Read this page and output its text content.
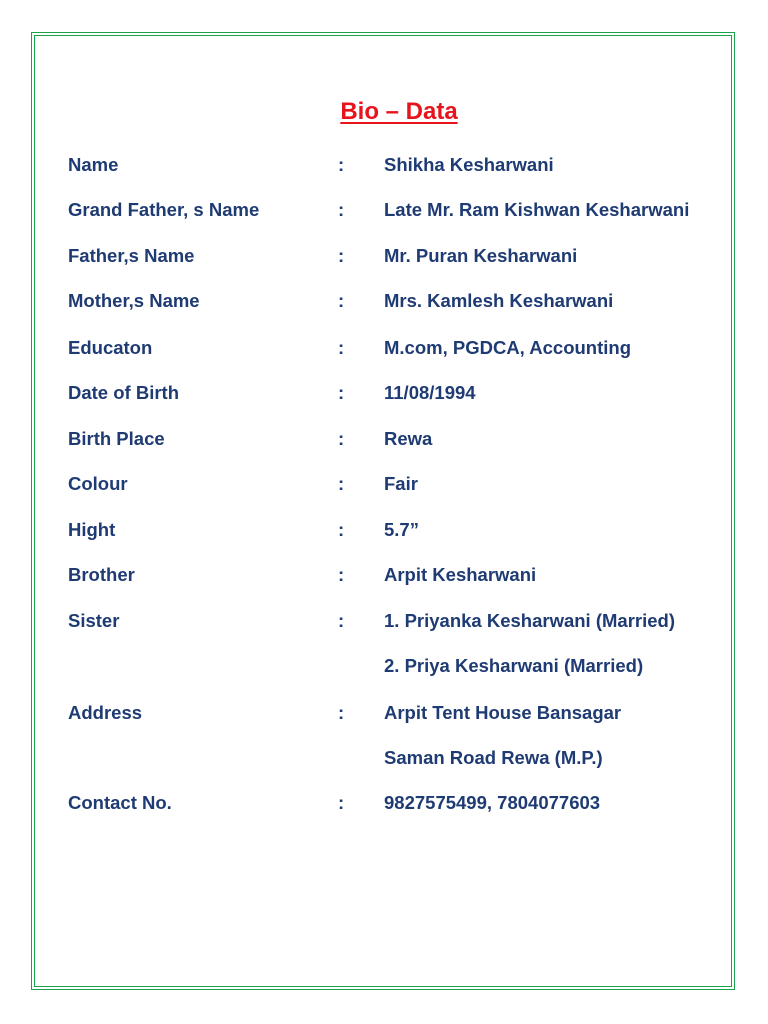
Bio – Data
Name	: Shikha Kesharwani
Grand Father, s Name	: Late Mr. Ram Kishwan Kesharwani
Father,s Name	: Mr. Puran Kesharwani
Mother,s Name	: Mrs. Kamlesh Kesharwani
Educaton	: M.com, PGDCA, Accounting
Date of Birth	: 11/08/1994
Birth Place	: Rewa
Colour	: Fair
Hight	: 5.7”
Brother	: Arpit Kesharwani
Sister	: 1. Priyanka Kesharwani (Married)
2. Priya Kesharwani (Married)
Address	: Arpit Tent House Bansagar
Saman Road Rewa (M.P.)
Contact No.	: 9827575499, 7804077603
